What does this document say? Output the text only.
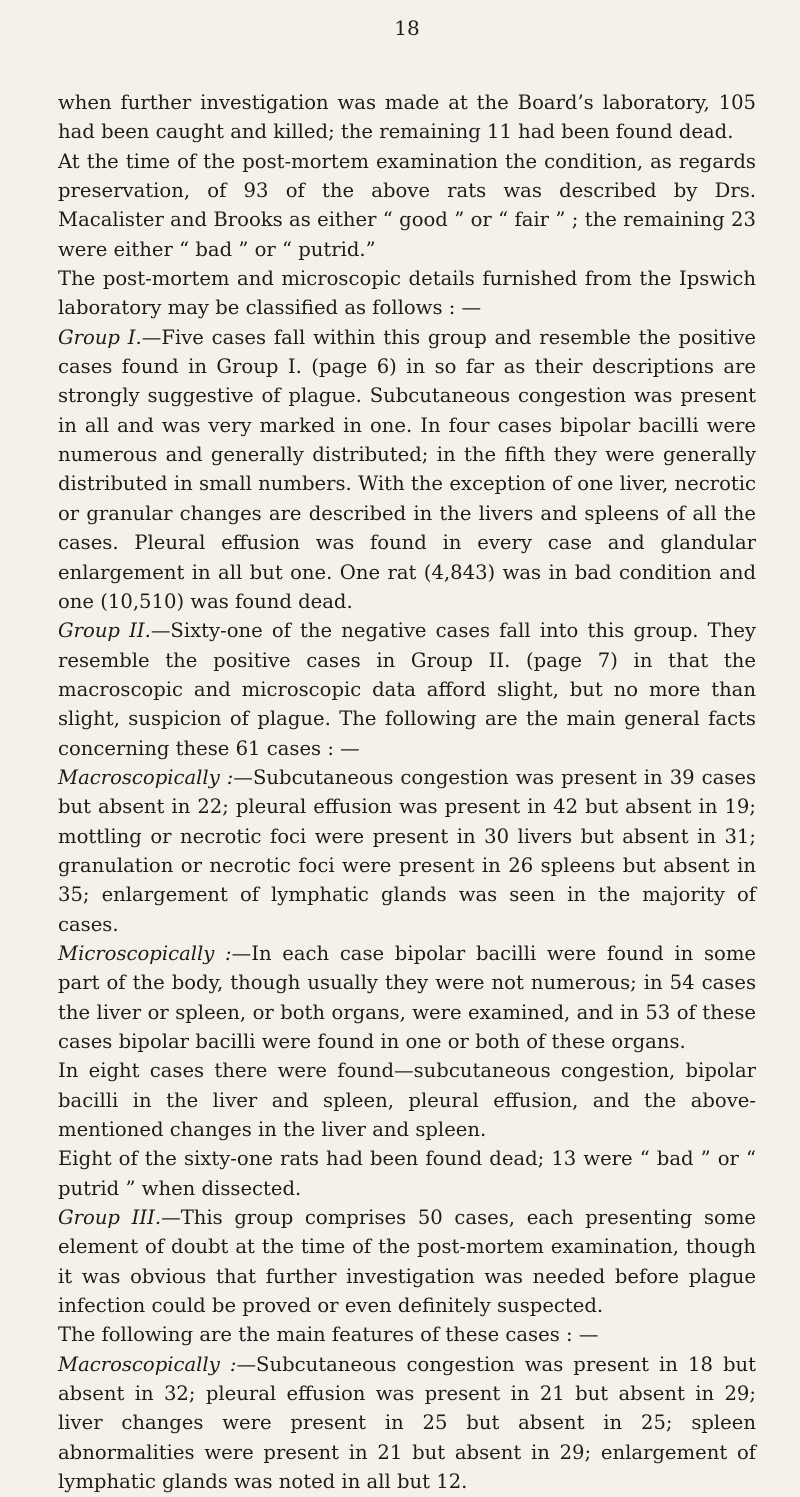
18

when further investigation was made at the Board’s laboratory, 105 had been caught and killed; the remaining 11 had been found dead.

At the time of the post-mortem examination the condition, as regards preservation, of 93 of the above rats was described by Drs. Macalister and Brooks as either “ good ” or “ fair ” ; the remaining 23 were either “ bad ” or “ putrid.”

The post-mortem and microscopic details furnished from the Ipswich laboratory may be classified as follows : —

Group I.—Five cases fall within this group and resemble the positive cases found in Group I. (page 6) in so far as their descriptions are strongly suggestive of plague. Subcutaneous congestion was present in all and was very marked in one. In four cases bipolar bacilli were numerous and generally distributed; in the fifth they were generally distributed in small numbers. With the exception of one liver, necrotic or granular changes are described in the livers and spleens of all the cases. Pleural effusion was found in every case and glandular enlargement in all but one. One rat (4,843) was in bad condition and one (10,510) was found dead.

Group II.—Sixty-one of the negative cases fall into this group. They resemble the positive cases in Group II. (page 7) in that the macroscopic and microscopic data afford slight, but no more than slight, suspicion of plague. The following are the main general facts concerning these 61 cases : —

Macroscopically :—Subcutaneous congestion was present in 39 cases but absent in 22; pleural effusion was present in 42 but absent in 19; mottling or necrotic foci were present in 30 livers but absent in 31; granulation or necrotic foci were present in 26 spleens but absent in 35; enlargement of lymphatic glands was seen in the majority of cases.

Microscopically :—In each case bipolar bacilli were found in some part of the body, though usually they were not numerous; in 54 cases the liver or spleen, or both organs, were examined, and in 53 of these cases bipolar bacilli were found in one or both of these organs.

In eight cases there were found—subcutaneous congestion, bipolar bacilli in the liver and spleen, pleural effusion, and the above-mentioned changes in the liver and spleen.

Eight of the sixty-one rats had been found dead; 13 were “ bad ” or “ putrid ” when dissected.

Group III.—This group comprises 50 cases, each presenting some element of doubt at the time of the post-mortem examination, though it was obvious that further investigation was needed before plague infection could be proved or even definitely suspected.

The following are the main features of these cases : —

Macroscopically :—Subcutaneous congestion was present in 18 but absent in 32; pleural effusion was present in 21 but absent in 29; liver changes were present in 25 but absent in 25; spleen abnormalities were present in 21 but absent in 29; enlargement of lymphatic glands was noted in all but 12.
